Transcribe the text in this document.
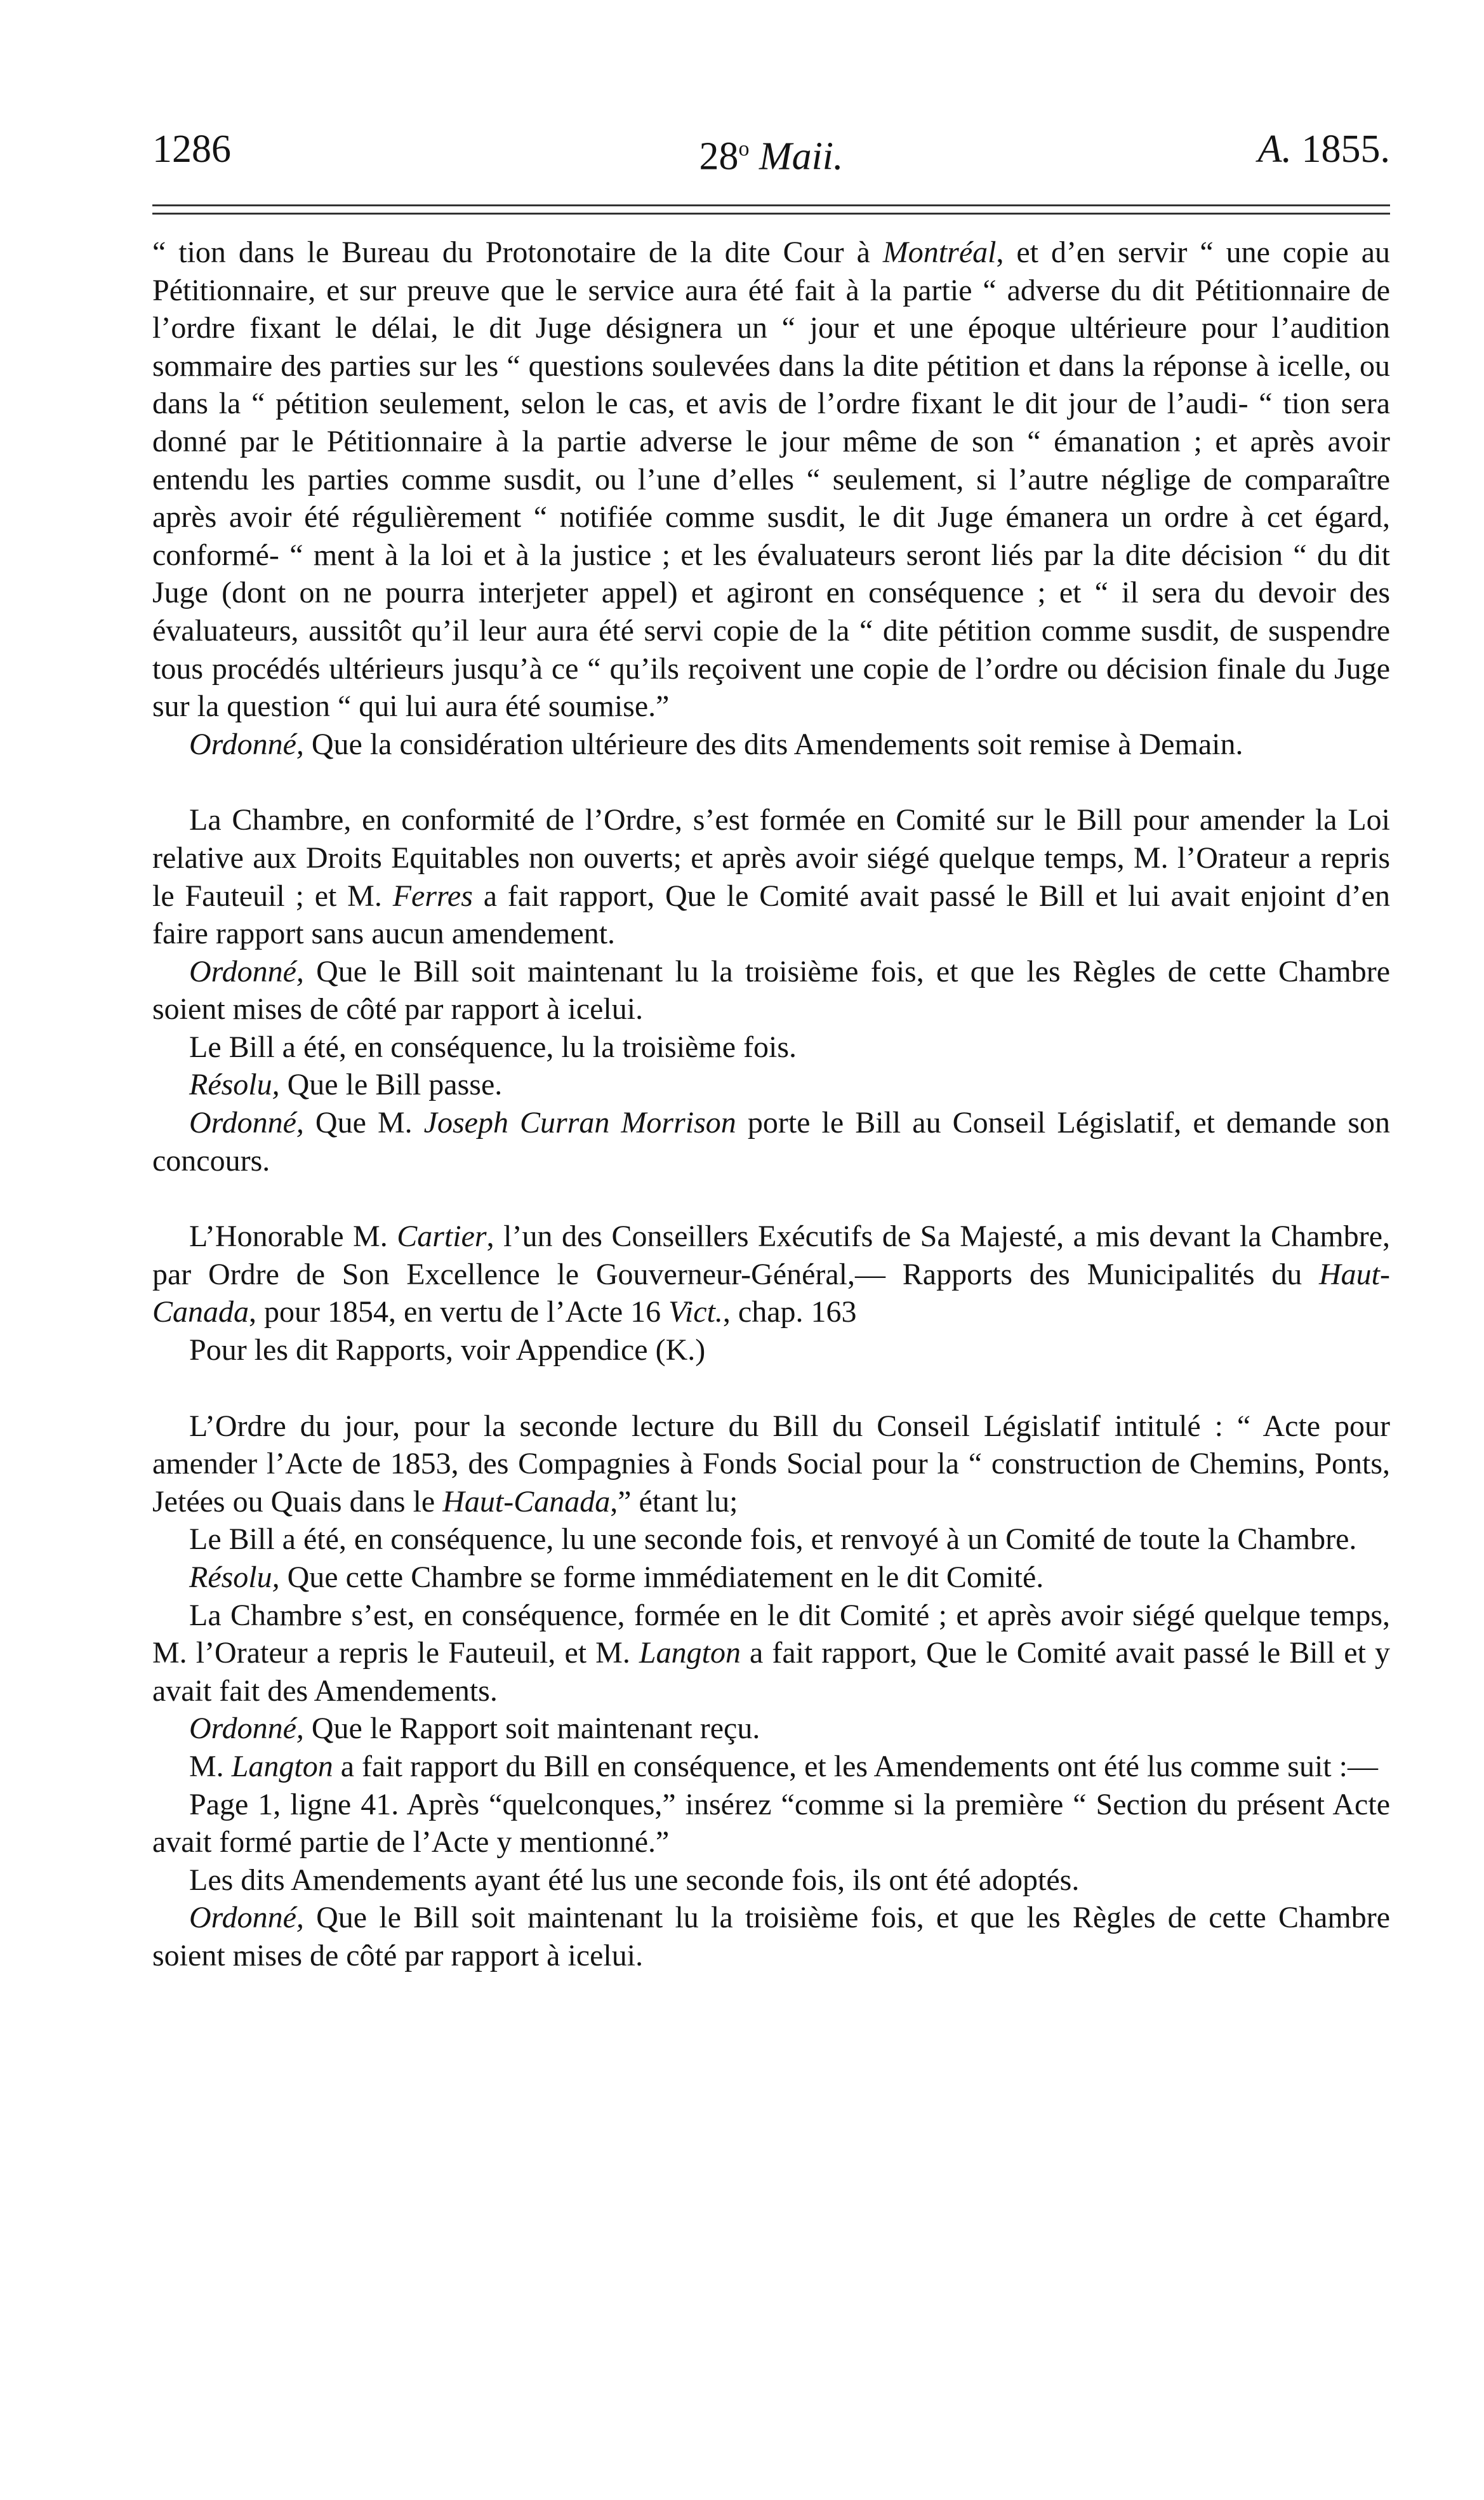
1286	28$^o$ Maii.	A. 1855.

“ tion dans le Bureau du Protonotaire de la dite Cour à Montréal, et d’en servir “ une copie au Pétitionnaire, et sur preuve que le service aura été fait à la partie “ adverse du dit Pétitionnaire de l’ordre fixant le délai, le dit Juge désignera un “ jour et une époque ultérieure pour l’audition sommaire des parties sur les “ questions soulevées dans la dite pétition et dans la réponse à icelle, ou dans la “ pétition seulement, selon le cas, et avis de l’ordre fixant le dit jour de l’audi- “ tion sera donné par le Pétitionnaire à la partie adverse le jour même de son “ émanation ; et après avoir entendu les parties comme susdit, ou l’une d’elles “ seulement, si l’autre néglige de comparaître après avoir été régulièrement “ notifiée comme susdit, le dit Juge émanera un ordre à cet égard, conformé- “ ment à la loi et à la justice ; et les évaluateurs seront liés par la dite décision “ du dit Juge (dont on ne pourra interjeter appel) et agiront en conséquence ; et “ il sera du devoir des évaluateurs, aussitôt qu’il leur aura été servi copie de la “ dite pétition comme susdit, de suspendre tous procédés ultérieurs jusqu’à ce “ qu’ils reçoivent une copie de l’ordre ou décision finale du Juge sur la question “ qui lui aura été soumise.”

Ordonné, Que la considération ultérieure des dits Amendements soit remise à Demain.

La Chambre, en conformité de l’Ordre, s’est formée en Comité sur le Bill pour amender la Loi relative aux Droits Equitables non ouverts; et après avoir siégé quelque temps, M. l’Orateur a repris le Fauteuil ; et M. Ferres a fait rapport, Que le Comité avait passé le Bill et lui avait enjoint d’en faire rapport sans aucun amendement.

Ordonné, Que le Bill soit maintenant lu la troisième fois, et que les Règles de cette Chambre soient mises de côté par rapport à icelui.

Le Bill a été, en conséquence, lu la troisième fois.

Résolu, Que le Bill passe.

Ordonné, Que M. Joseph Curran Morrison porte le Bill au Conseil Législatif, et demande son concours.

L’Honorable M. Cartier, l’un des Conseillers Exécutifs de Sa Majesté, a mis devant la Chambre, par Ordre de Son Excellence le Gouverneur-Général,— Rapports des Municipalités du Haut-Canada, pour 1854, en vertu de l’Acte 16 Vict., chap. 163

Pour les dit Rapports, voir Appendice (K.)

L’Ordre du jour, pour la seconde lecture du Bill du Conseil Législatif intitulé : “ Acte pour amender l’Acte de 1853, des Compagnies à Fonds Social pour la “ construction de Chemins, Ponts, Jetées ou Quais dans le Haut-Canada,” étant lu;

Le Bill a été, en conséquence, lu une seconde fois, et renvoyé à un Comité de toute la Chambre.

Résolu, Que cette Chambre se forme immédiatement en le dit Comité.

La Chambre s’est, en conséquence, formée en le dit Comité ; et après avoir siégé quelque temps, M. l’Orateur a repris le Fauteuil, et M. Langton a fait rapport, Que le Comité avait passé le Bill et y avait fait des Amendements.

Ordonné, Que le Rapport soit maintenant reçu.

M. Langton a fait rapport du Bill en conséquence, et les Amendements ont été lus comme suit :—

Page 1, ligne 41. Après “quelconques,” insérez “comme si la première “ Section du présent Acte avait formé partie de l’Acte y mentionné.”

Les dits Amendements ayant été lus une seconde fois, ils ont été adoptés.

Ordonné, Que le Bill soit maintenant lu la troisième fois, et que les Règles de cette Chambre soient mises de côté par rapport à icelui.
